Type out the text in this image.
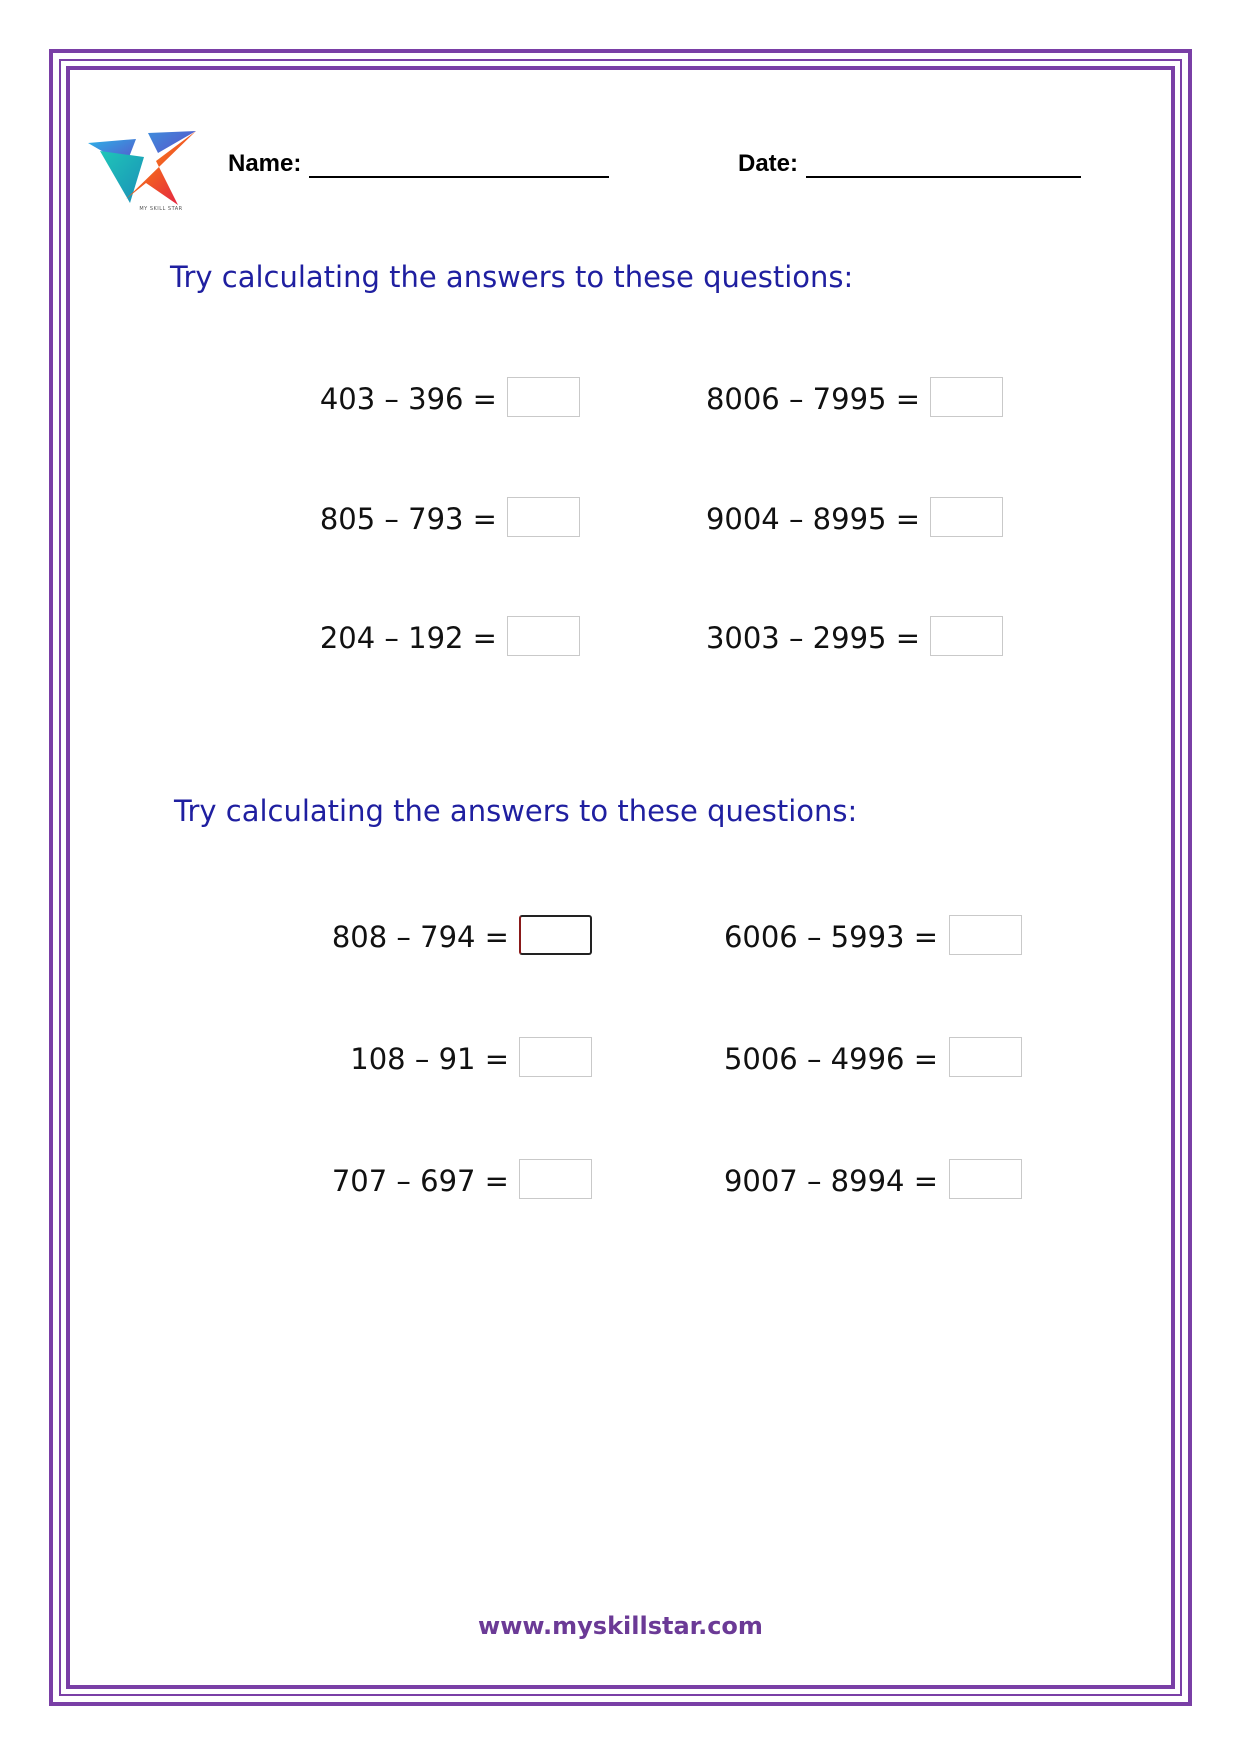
MY SKILL STAR
Name:	Date:
Try calculating the answers to these questions:
403 – 396 =	8006 – 7995 =
805 – 793 =	9004 – 8995 =
204 – 192 =	3003 – 2995 =
Try calculating the answers to these questions:
808 – 794 =	6006 – 5993 =
108 – 91 =	5006 – 4996 =
707 – 697 =	9007 – 8994 =
www.myskillstar.com
